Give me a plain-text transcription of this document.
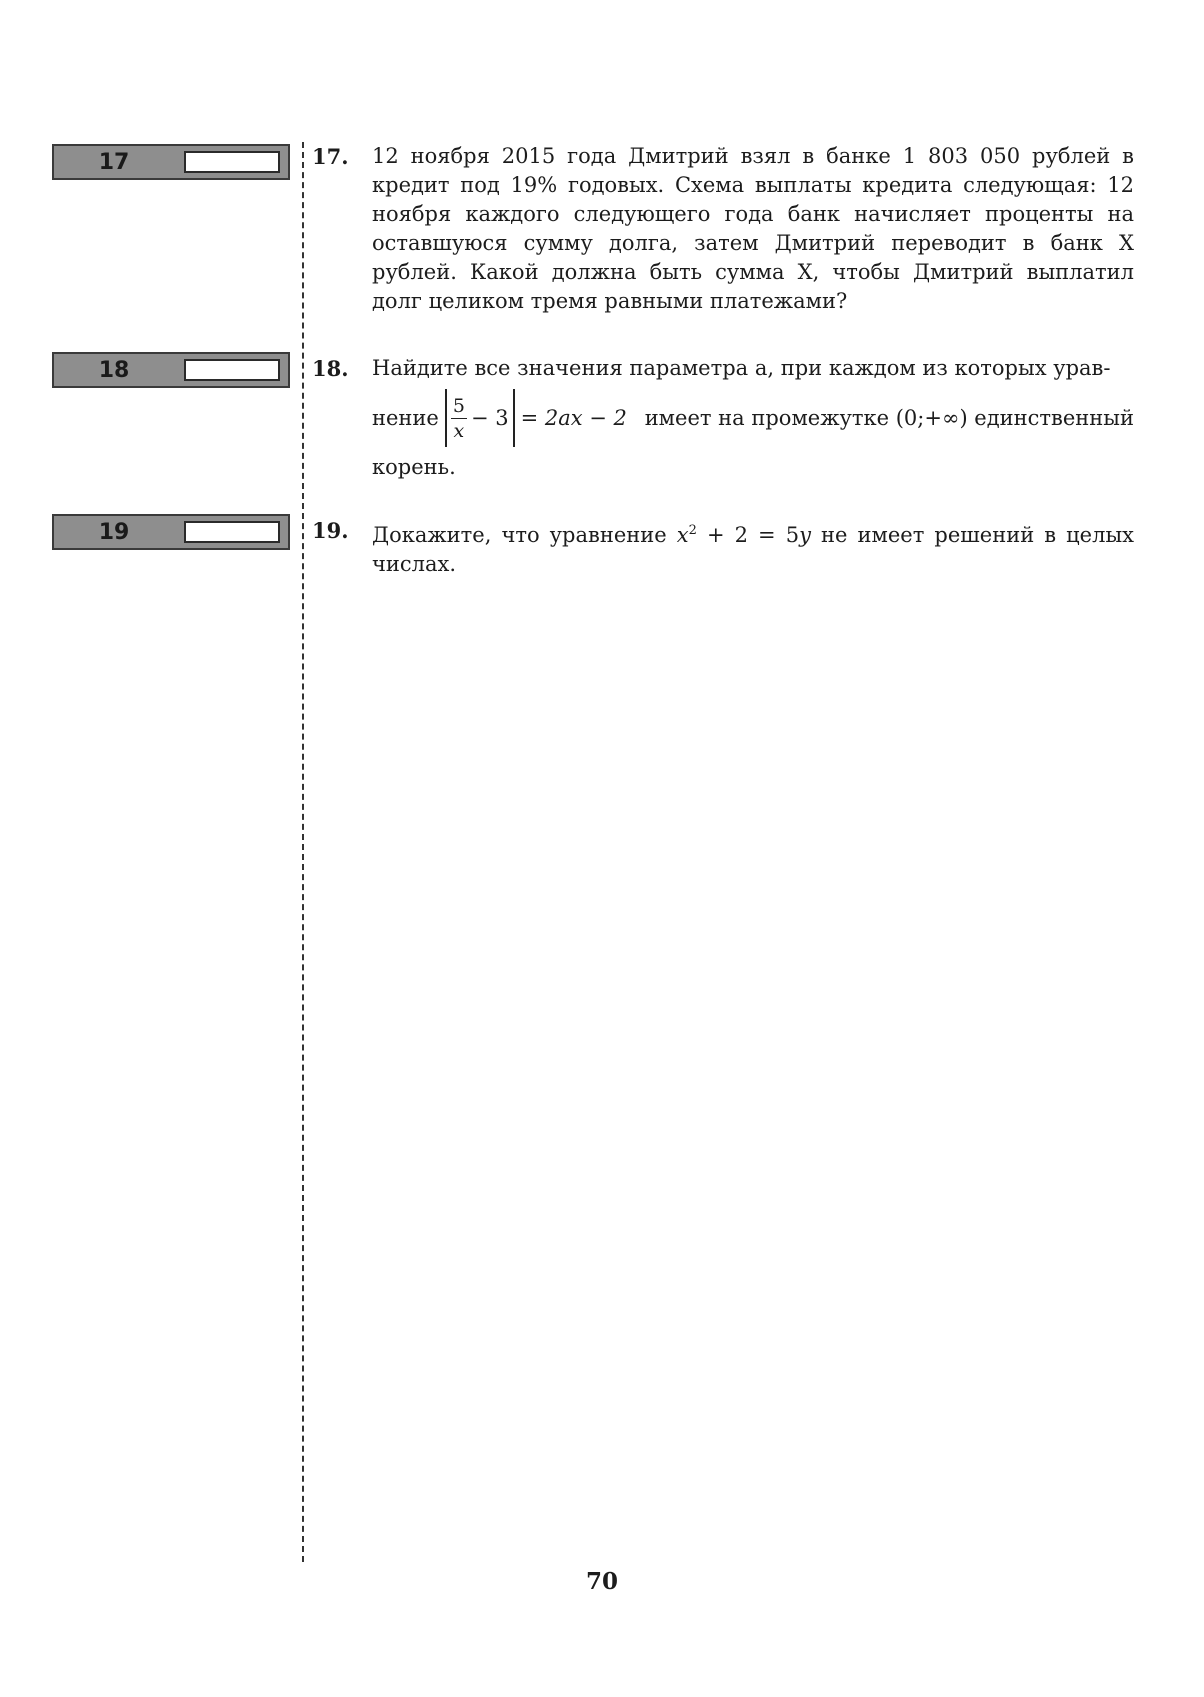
17
18
19
17. 12 ноября 2015 года Дмитрий взял в банке 1 803 050 рублей в кредит под 19% годовых. Схема выплаты кредита следующая: 12 ноября каждого следующего года банк начисляет проценты на оставшуюся сумму долга, затем Дмитрий переводит в банк X рублей. Какой должна быть сумма X, чтобы Дмитрий выплатил долг целиком тремя равными платежами?
18. Найдите все значения параметра a, при каждом из которых урав-

нение $\frac{5}{x} - 3 = 2ax - 2$ имеет на промежутке (0;+∞) единственный

корень.

19. Докажите, что уравнение $x^2 + 2 = 5y$ не имеет решений в целых числах.
70
